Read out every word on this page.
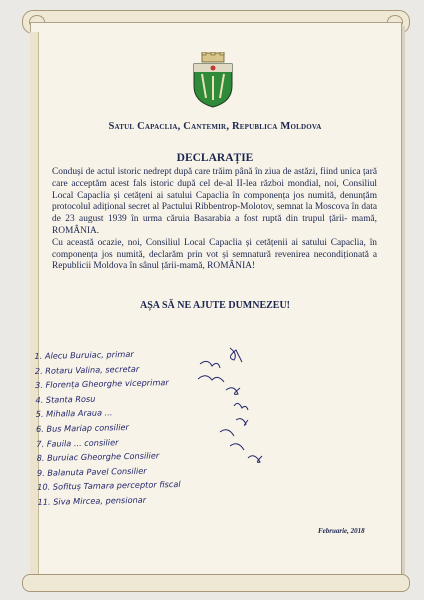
Satul Capaclia, Cantemir, Republica Moldova
DECLARAȚIE

Conduși de actul istoric nedrept după care trăim până în ziua de astăzi, fiind unica țară care acceptăm acest fals istoric după cel de-al II-lea război mondial, noi, Consiliul Local Capaclia și cetățeni ai satului Capaclia în componența jos numită, denunțăm protocolul adițional secret al Pactului Ribbentrop-Molotov, semnat la Moscova în data de 23 august 1939 în urma căruia Basarabia a fost ruptă din trupul țării- mamă, ROMÂNIA.

Cu această ocazie, noi, Consiliul Local Capaclia și cetățenii ai satului Capaclia, în componența jos numită, declarăm prin vot și semnatură revenirea necondiționată a Republicii Moldova în sânul țării-mamă, ROMÂNIA!

AȘA SĂ NE AJUTE DUMNEZEU!
1. Alecu Buruiac, primar
2. Rotaru Valina, secretar
3. Florența Gheorghe viceprimar
4. Stanta Rosu
5. Mihalla Araua ...
6. Bus Mariap consilier
7. Fauila ... consilier
8. Buruiac Gheorghe Consilier
9. Balanuta Pavel Consilier
10. Sofituș Tamara perceptor fiscal
11. Siva Mircea, pensionar
Februarie, 2018
